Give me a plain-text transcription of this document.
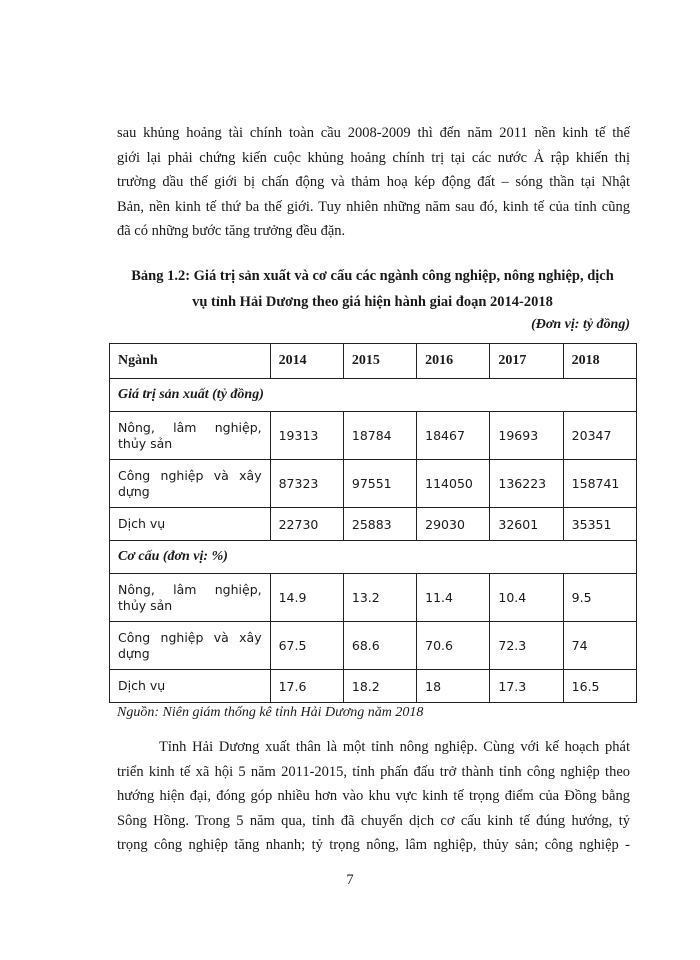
sau khủng hoảng tài chính toàn cầu 2008-2009 thì đến năm 2011 nền kinh tế thế
giới lại phải chứng kiến cuộc khủng hoảng chính trị tại các nước Ả rập khiến thị
trường dầu thế giới bị chấn động và thảm hoạ kép động đất – sóng thần tại Nhật
Bản, nền kinh tế thứ ba thế giới. Tuy nhiên những năm sau đó, kinh tế của tỉnh cũng
đã có những bước tăng trưởng đều đặn.
Bảng 1.2: Giá trị sản xuất và cơ cấu các ngành công nghiệp, nông nghiệp, dịch
vụ tỉnh Hải Dương theo giá hiện hành giai đoạn 2014-2018

(Đơn vị: tỷ đồng)

Ngành	2014	2015	2016	2017	2018
Giá trị sản xuất (tỷ đồng)					
Nông, lâm nghiệp, thủy sản	19313	18784	18467	19693	20347
Công nghiệp và xây dựng	87323	97551	114050	136223	158741
Dịch vụ	22730	25883	29030	32601	35351
Cơ cấu (đơn vị: %)					
Nông, lâm nghiệp, thủy sản	14.9	13.2	11.4	10.4	9.5
Công nghiệp và xây dựng	67.5	68.6	70.6	72.3	74
Dịch vụ	17.6	18.2	18	17.3	16.5

Nguồn: Niên giám thống kê tỉnh Hải Dương năm 2018

Tỉnh Hải Dương xuất thân là một tỉnh nông nghiệp. Cùng với kế hoạch phát
triển kinh tế xã hội 5 năm 2011-2015, tỉnh phấn đấu trở thành tỉnh công nghiệp theo
hướng hiện đại, đóng góp nhiều hơn vào khu vực kinh tế trọng điểm của Đồng bằng
Sông Hồng. Trong 5 năm qua, tỉnh đã chuyển dịch cơ cấu kinh tế đúng hướng, tỷ
trọng công nghiệp tăng nhanh; tỷ trọng nông, lâm nghiệp, thủy sản; công nghiệp -

7
